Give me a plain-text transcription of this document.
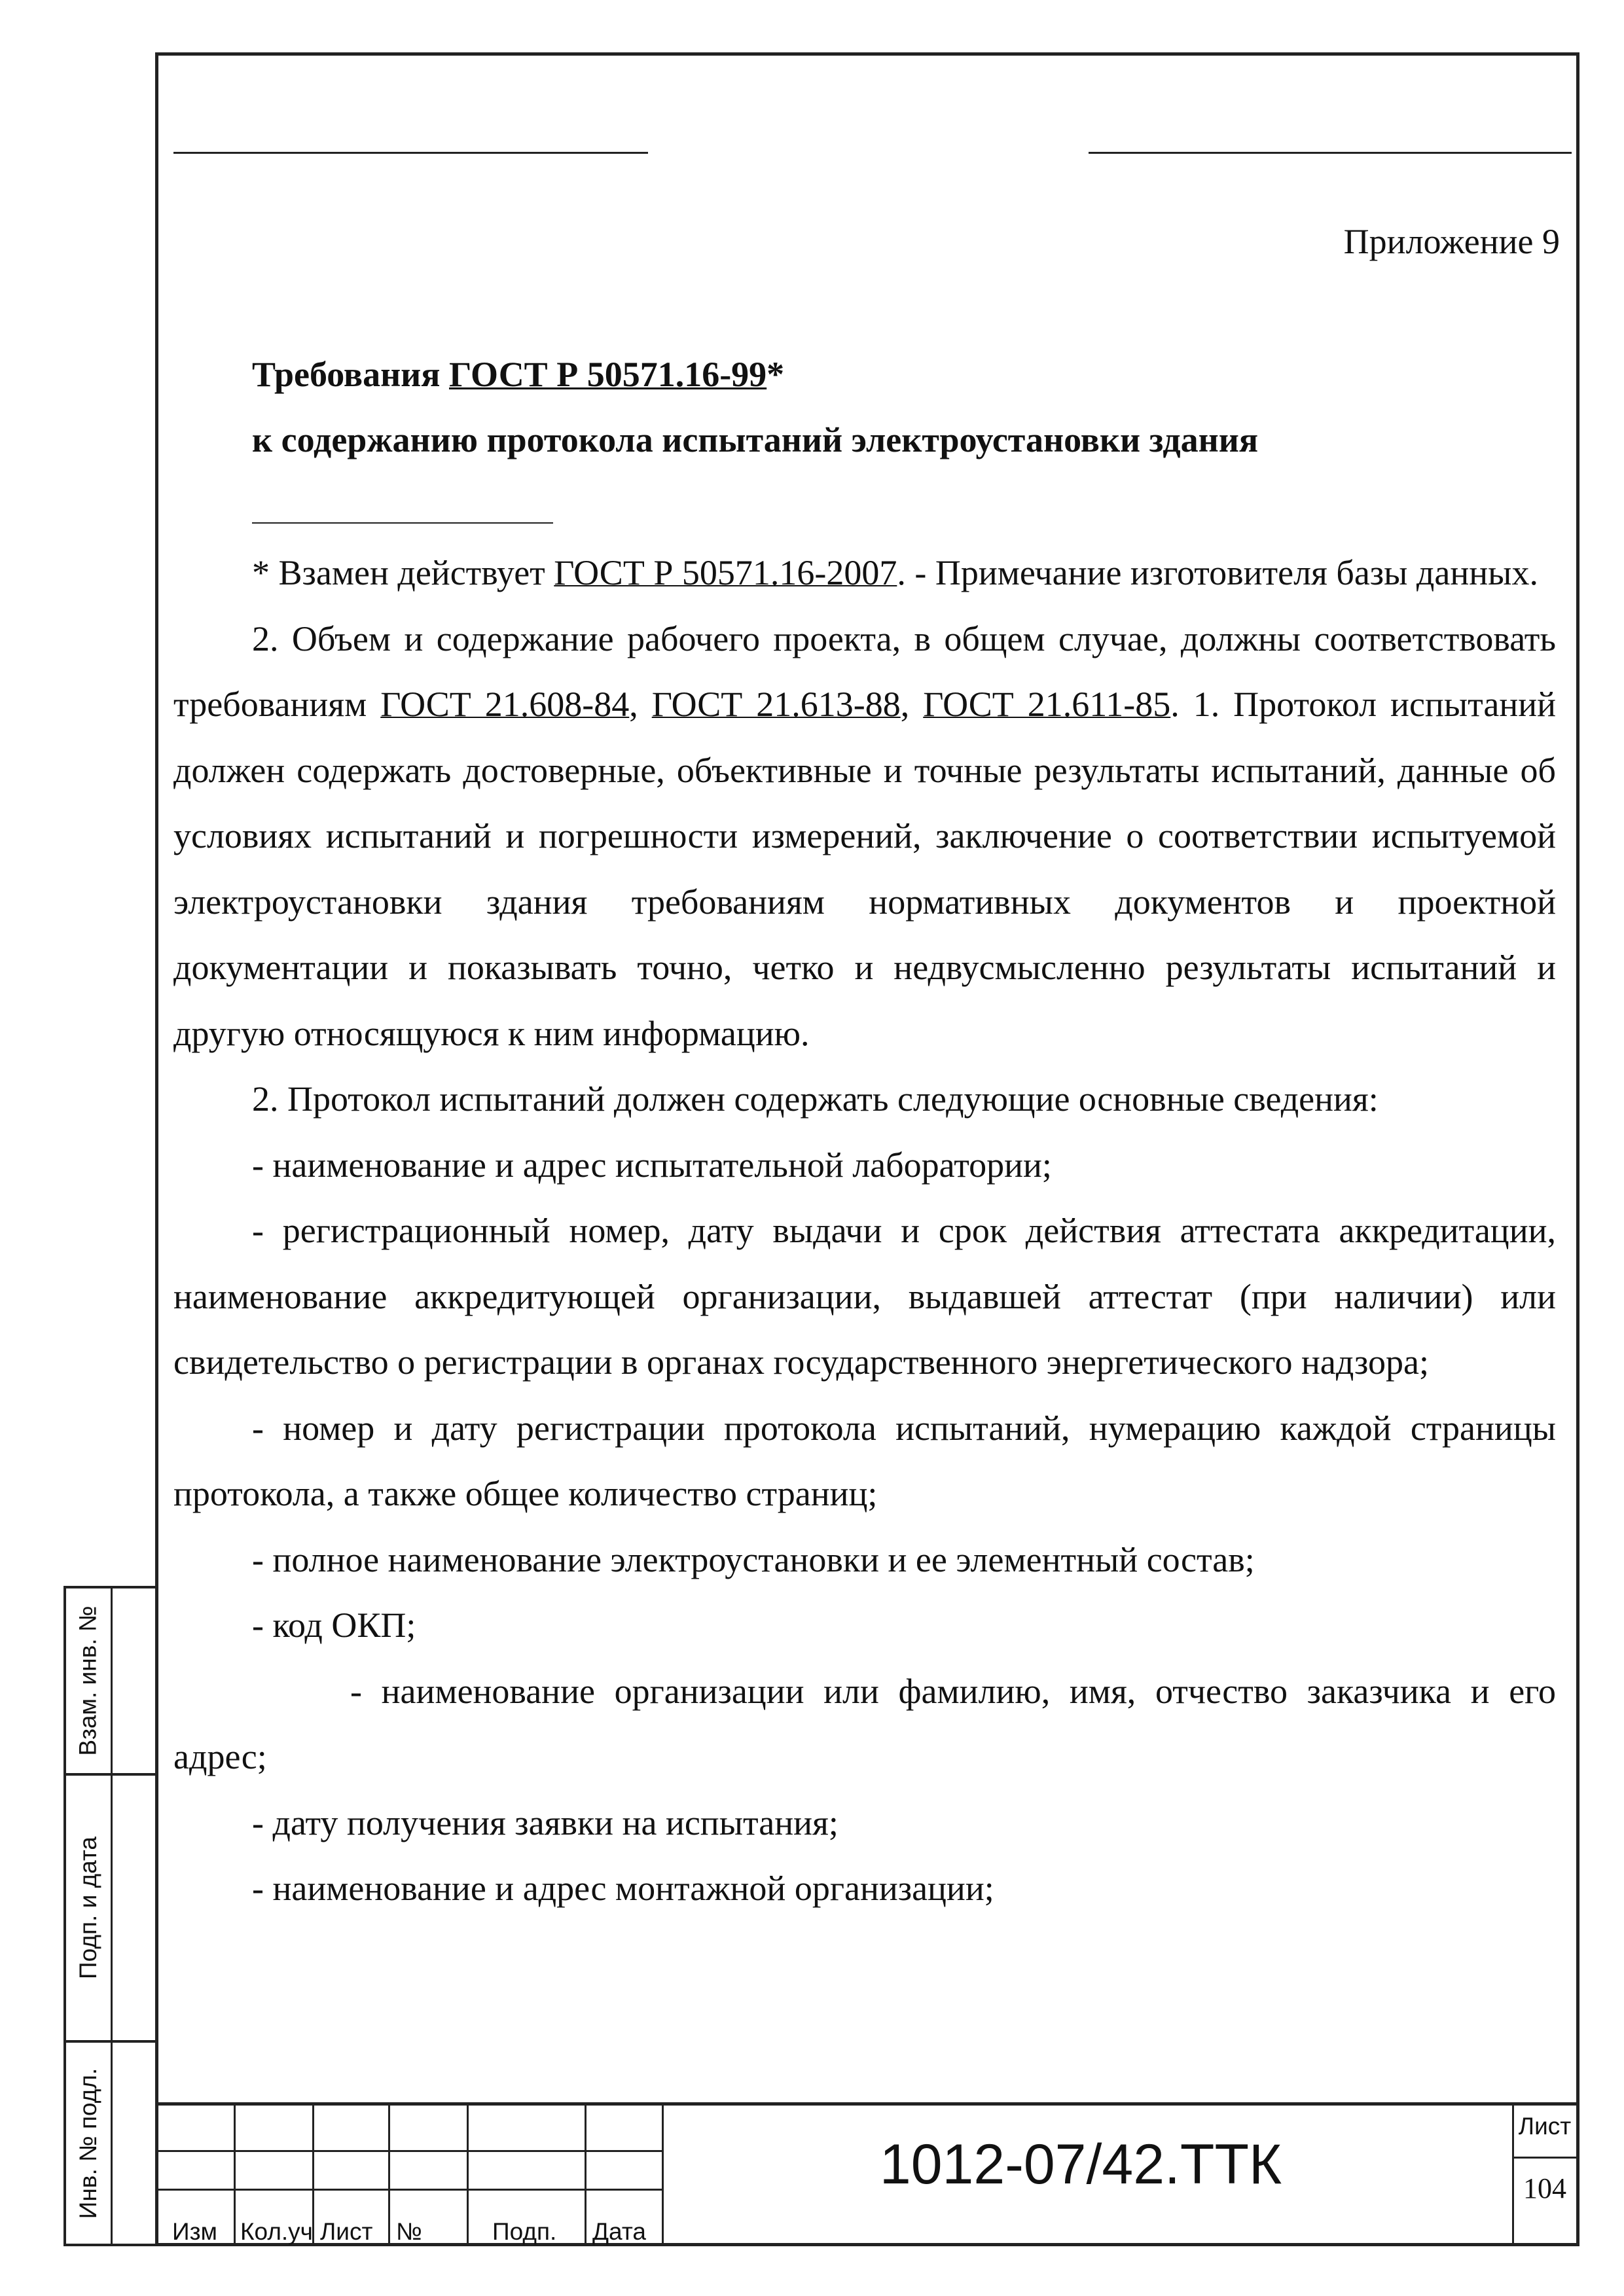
Приложение 9
Требования ГОСТ Р 50571.16-99*
к содержанию протокола испытаний электроустановки здания

* Взамен действует ГОСТ Р 50571.16-2007. - Примечание изготовителя базы данных.

2. Объем и содержание рабочего проекта, в общем случае, должны соответствовать требованиям ГОСТ 21.608-84, ГОСТ 21.613-88, ГОСТ 21.611-85. 1. Протокол испытаний должен содержать достоверные, объективные и точные результаты испытаний, данные об условиях испытаний и погрешности измерений, заключение о соответствии испытуемой электроустановки здания требованиям нормативных документов и проектной документации и показывать точно, четко и недвусмысленно результаты испытаний и другую относящуюся к ним информацию.

2. Протокол испытаний должен содержать следующие основные сведения:

- наименование и адрес испытательной лаборатории;

- регистрационный номер, дату выдачи и срок действия аттестата аккредитации, наименование аккредитующей организации, выдавшей аттестат (при наличии) или свидетельство о регистрации в органах государственного энергетического надзора;

- номер и дату регистрации протокола испытаний, нумерацию каждой страницы протокола, а также общее количество страниц;

- полное наименование электроустановки и ее элементный состав;

- код ОКП;

- наименование организации или фамилию, имя, отчество заказчика и его адрес;

- дату получения заявки на испытания;

- наименование и адрес монтажной организации;

Взам. инв. №
Подп. и дата
Инв. № подл.
Изм Кол.уч Лист №	Подп. Дата
1012-07/42.ТТК
Лист
104
